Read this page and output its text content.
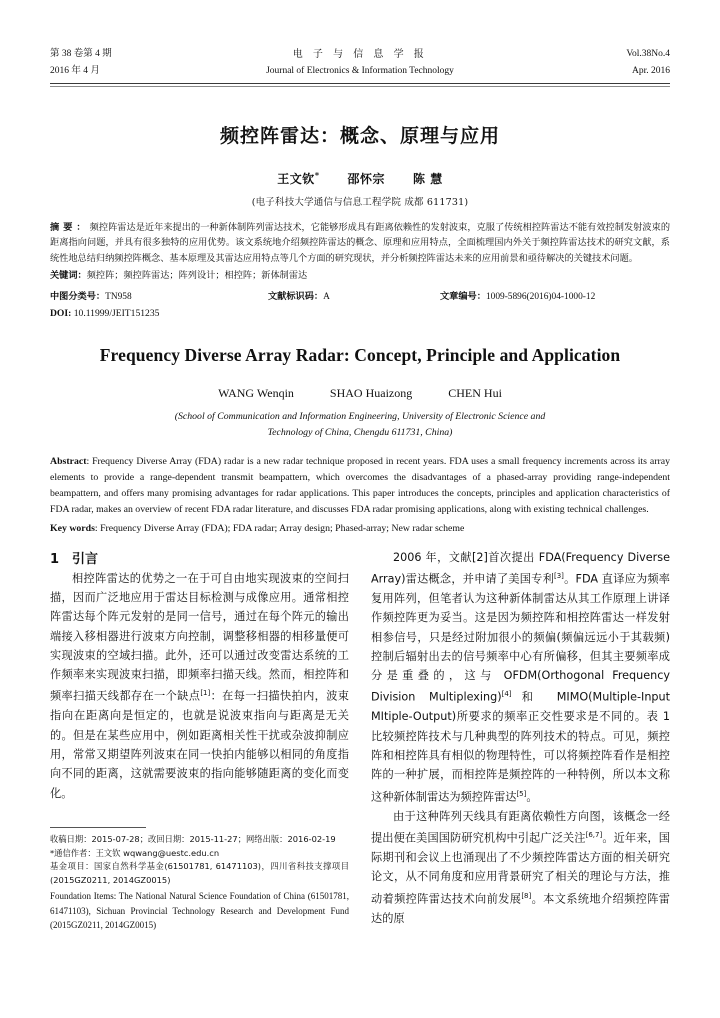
第 38 卷第 4 期
2016 年 4 月
电 子 与 信 息 学 报
Journal of Electronics & Information Technology
Vol.38No.4
Apr. 2016
频控阵雷达：概念、原理与应用
王文钦* 邵怀宗 陈 慧
(电子科技大学通信与信息工程学院 成都 611731)
摘要：频控阵雷达是近年来提出的一种新体制阵列雷达技术，它能够形成具有距离依赖性的发射波束，克服了传统相控阵雷达不能有效控制发射波束的距离指向问题，并具有很多独特的应用优势。该文系统地介绍频控阵雷达的概念、原理和应用特点，全面梳理国内外关于频控阵雷达技术的研究文献，系统性地总结归纳频控阵概念、基本原理及其雷达应用特点等几个方面的研究现状，并分析频控阵雷达未来的应用前景和亟待解决的关键技术问题。
关键词：频控阵；频控阵雷达；阵列设计；相控阵；新体制雷达
中图分类号：TN958	文献标识码：A	文章编号：1009-5896(2016)04-1000-12
DOI: 10.11999/JEIT151235
Frequency Diverse Array Radar: Concept, Principle and Application
WANG Wenqin	SHAO Huaizong	CHEN Hui
(School of Communication and Information Engineering, University of Electronic Science and
Technology of China, Chengdu 611731, China)
Abstract: Frequency Diverse Array (FDA) radar is a new radar technique proposed in recent years. FDA uses a small frequency increments across its array elements to provide a range-dependent transmit beampattern, which overcomes the disadvantages of a phased-array providing range-independent beampattern, and offers many promising advantages for radar applications. This paper introduces the concepts, principles and application characteristics of FDA radar, makes an overview of recent FDA radar literature, and discusses FDA radar promising applications, along with existing technical challenges.
Key words: Frequency Diverse Array (FDA); FDA radar; Array design; Phased-array; New radar scheme
1 引言
相控阵雷达的优势之一在于可自由地实现波束的空间扫描，因而广泛地应用于雷达目标检测与成像应用。通常相控阵雷达每个阵元发射的是同一信号，通过在每个阵元的输出端接入移相器进行波束方向控制，调整移相器的相移量便可实现波束的空域扫描。此外，还可以通过改变雷达系统的工作频率来实现波束扫描，即频率扫描天线。然而，相控阵和频率扫描天线都存在一个缺点[1]：在每一扫描快拍内，波束指向在距离向是恒定的，也就是说波束指向与距离是无关的。但是在某些应用中，例如距离相关性干扰或杂波抑制应用，常常又期望阵列波束在同一快拍内能够以相同的角度指向不同的距离，这就需要波束的指向能够随距离的变化而变化。
收稿日期：2015-07-28；改回日期：2015-11-27；网络出版：2016-02-19
*通信作者：王文钦 wqwang@uestc.edu.cn
基金项目：国家自然科学基金(61501781, 61471103)，四川省科技支撑项目(2015GZ0211, 2014GZ0015)
Foundation Items: The National Natural Science Foundation of China (61501781, 61471103), Sichuan Provincial Technology Research and Development Fund (2015GZ0211, 2014GZ0015)
2006 年，文献[2]首次提出 FDA(Frequency Diverse Array)雷达概念，并申请了美国专利[3]。FDA 直译应为频率复用阵列，但笔者认为这种新体制雷达从其工作原理上讲译作频控阵更为妥当。这是因为频控阵和相控阵雷达一样发射相参信号，只是经过附加很小的频偏(频偏远远小于其载频)控制后辐射出去的信号频率中心有所偏移，但其主要频率成分是重叠的，这与 OFDM(Orthogonal Frequency Division Multiplexing)[4]和 MIMO(Multiple-Input MItiple-Output)所要求的频率正交性要求是不同的。表 1 比较频控阵技术与几种典型的阵列技术的特点。可见，频控阵和相控阵具有相似的物理特性，可以将频控阵看作是相控阵的一种扩展，而相控阵是频控阵的一种特例，所以本文称这种新体制雷达为频控阵雷达[5]。
由于这种阵列天线具有距离依赖性方向图，该概念一经提出便在美国国防研究机构中引起广泛关注[6,7]。近年来，国际期刊和会议上也涌现出了不少频控阵雷达方面的相关研究论文，从不同角度和应用背景研究了相关的理论与方法，推动着频控阵雷达技术向前发展[8]。本文系统地介绍频控阵雷达的原
